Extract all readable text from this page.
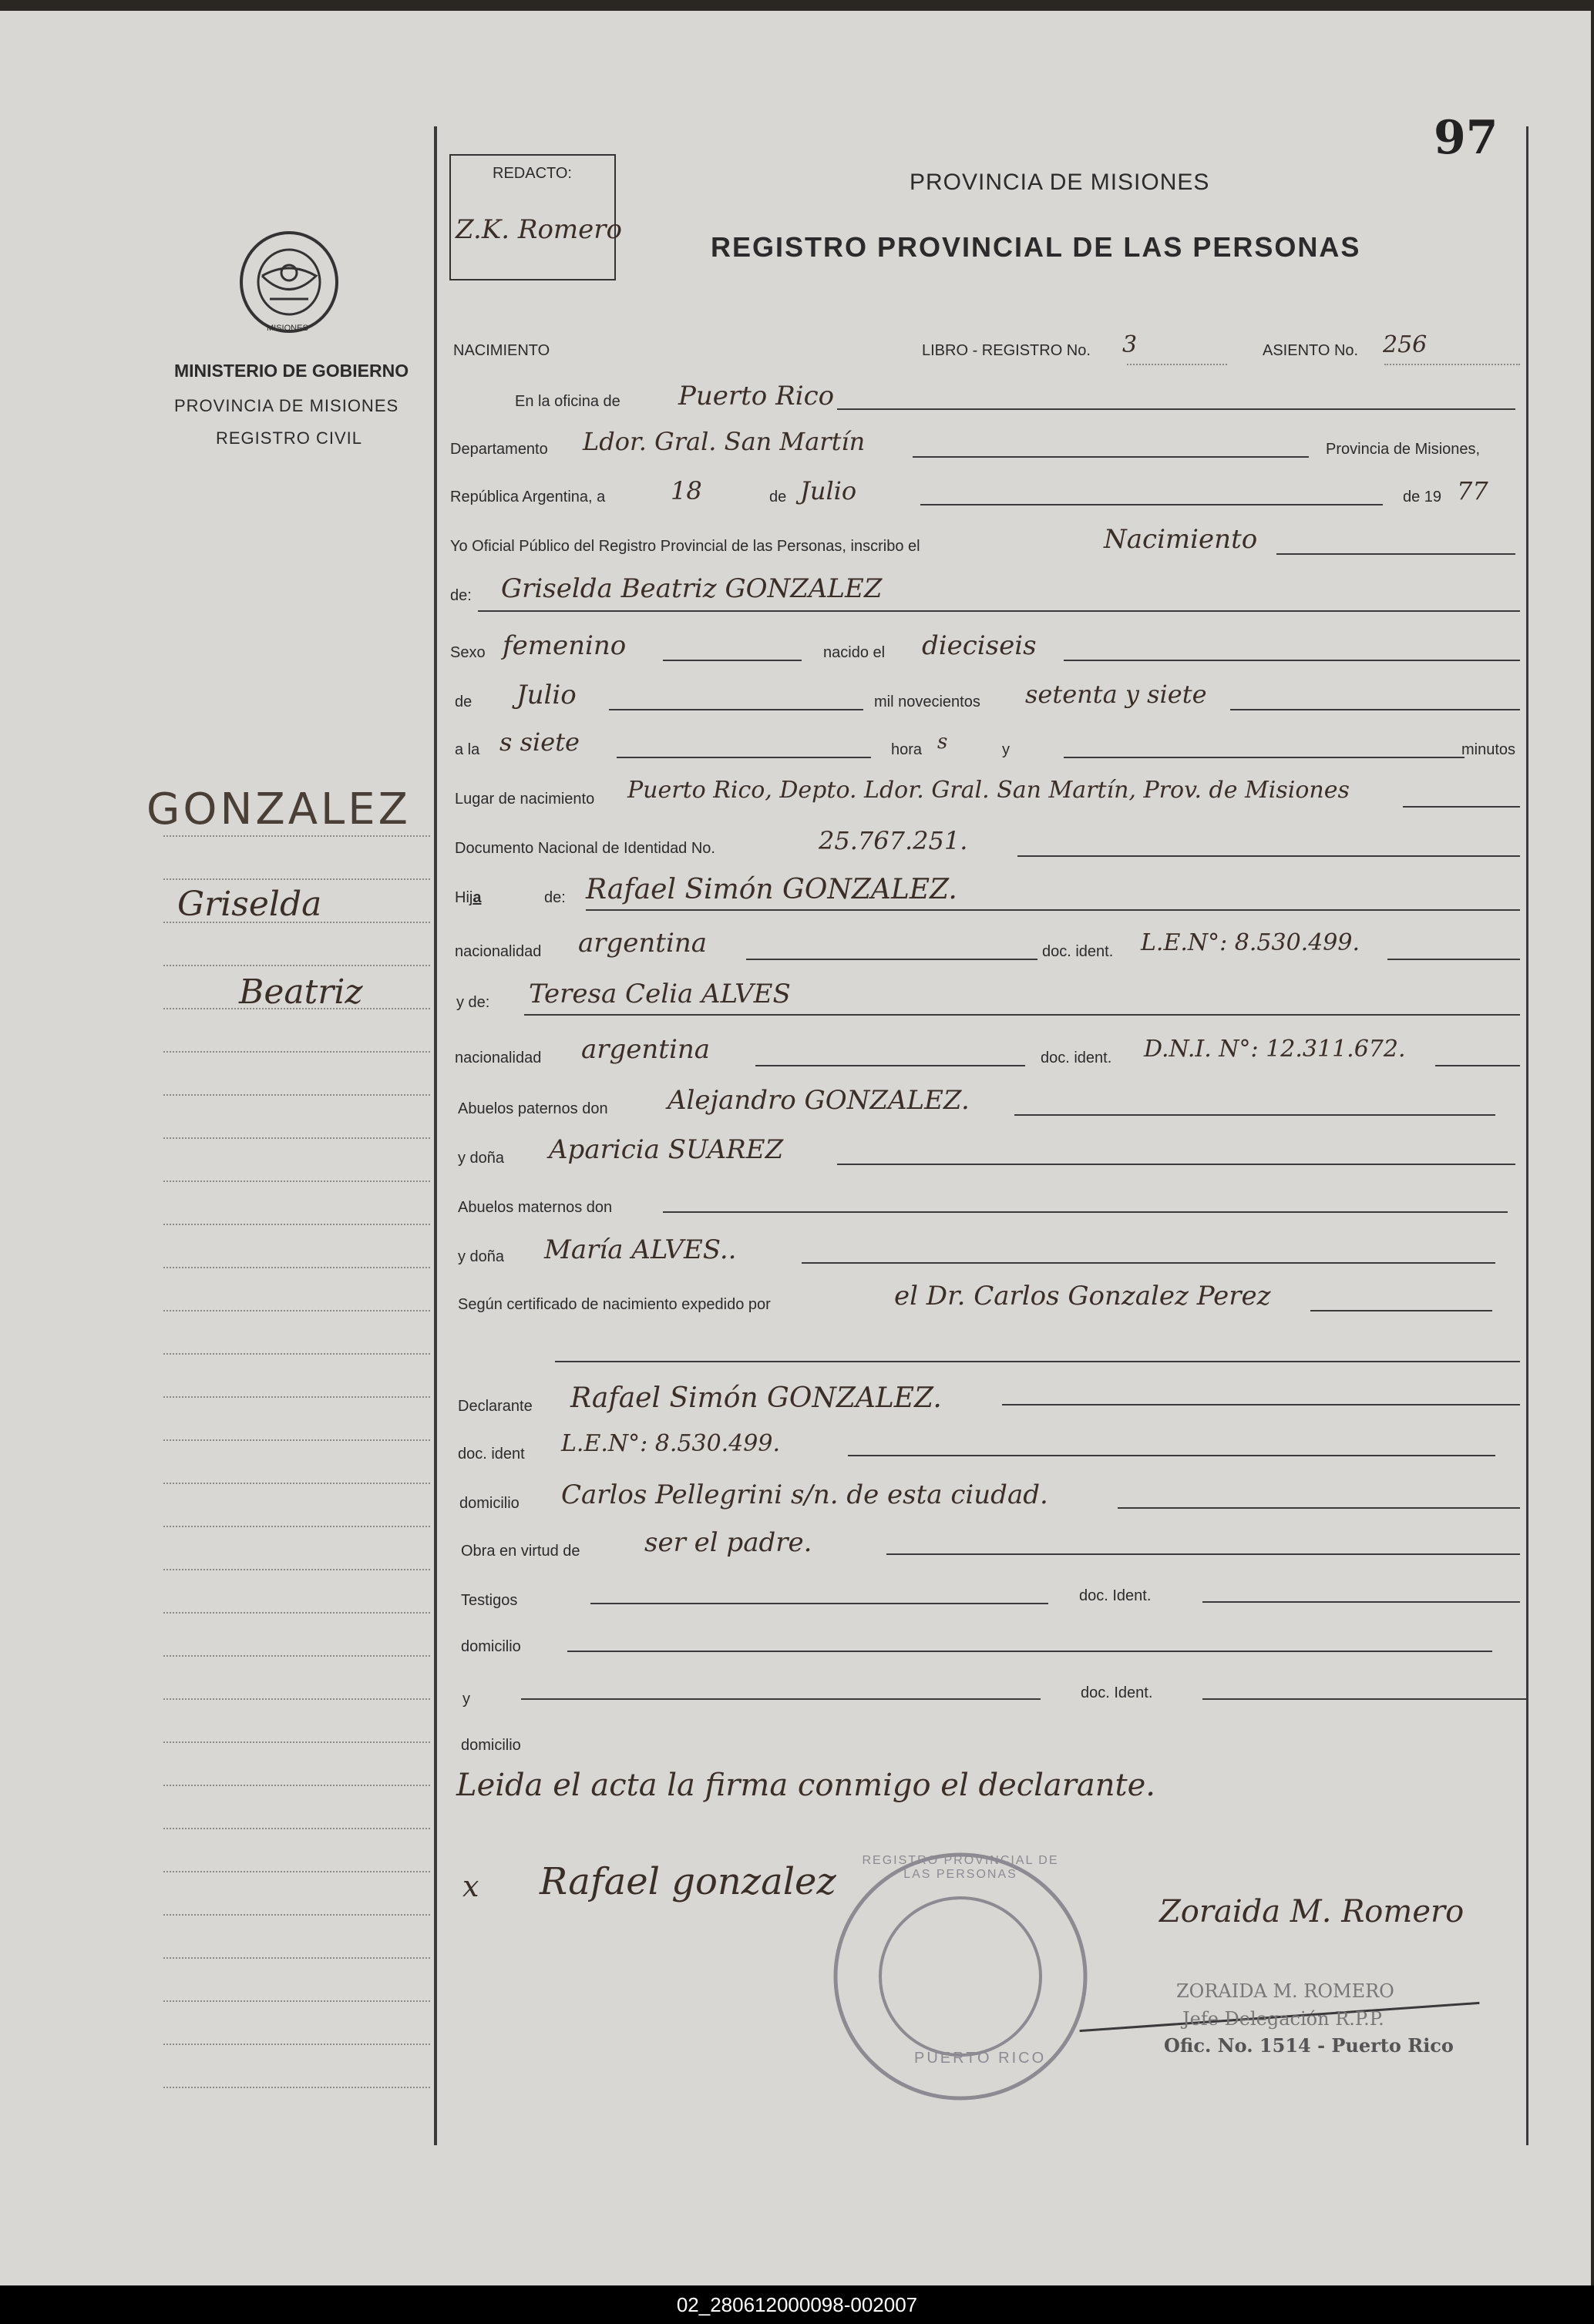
97
REDACTO:
Z.K. Romero
PROVINCIA DE MISIONES
REGISTRO PROVINCIAL DE LAS PERSONAS
MISIONES
MINISTERIO DE GOBIERNO
PROVINCIA DE MISIONES
REGISTRO CIVIL
GONZALEZ
Griselda
Beatriz
NACIMIENTO	LIBRO - REGISTRO No. 3	ASIENTO No. 256
En la oficina de Puerto Rico
Departamento Ldor. Gral. San Martín	Provincia de Misiones,
República Argentina, a	18	de Julio	de 19 77
Yo Oficial Público del Registro Provincial de las Personas, inscribo el	Nacimiento
de: Griselda Beatriz GONZALEZ
Sexo femenino	nacido el dieciseis
de Julio	mil novecientos setenta y siete
a la s siete	hora s	y	minutos
Lugar de nacimiento Puerto Rico, Depto. Ldor. Gral. San Martín, Prov. de Misiones
Documento Nacional de Identidad No.	25.767.251.
Hija	de: Rafael Simón GONZALEZ.
nacionalidad argentina	doc. ident. L.E.N°: 8.530.499.
y de: Teresa Celia ALVES
nacionalidad argentina	doc. ident. D.N.I. N°: 12.311.672.
Abuelos paternos don Alejandro GONZALEZ.
y doña Aparicia SUAREZ
Abuelos maternos don
y doña María ALVES..
Según certificado de nacimiento expedido por	el Dr. Carlos Gonzalez Perez
Declarante Rafael Simón GONZALEZ.
doc. ident L.E.N°: 8.530.499.
domicilio Carlos Pellegrini s/n. de esta ciudad.
Obra en virtud de ser el padre.
Testigos	doc. Ident.
domicilio
y	doc. Ident.
domicilio
Leida el acta la firma conmigo el declarante.
x Rafael gonzalez	REGISTRO PROVINCIAL DE LAS PERSONAS
PUERTO RICO
Zoraida M. Romero
ZORAIDA M. ROMERO
Jefe Delegación R.P.P.
Ofic. No. 1514 - Puerto Rico
02_280612000098-002007
